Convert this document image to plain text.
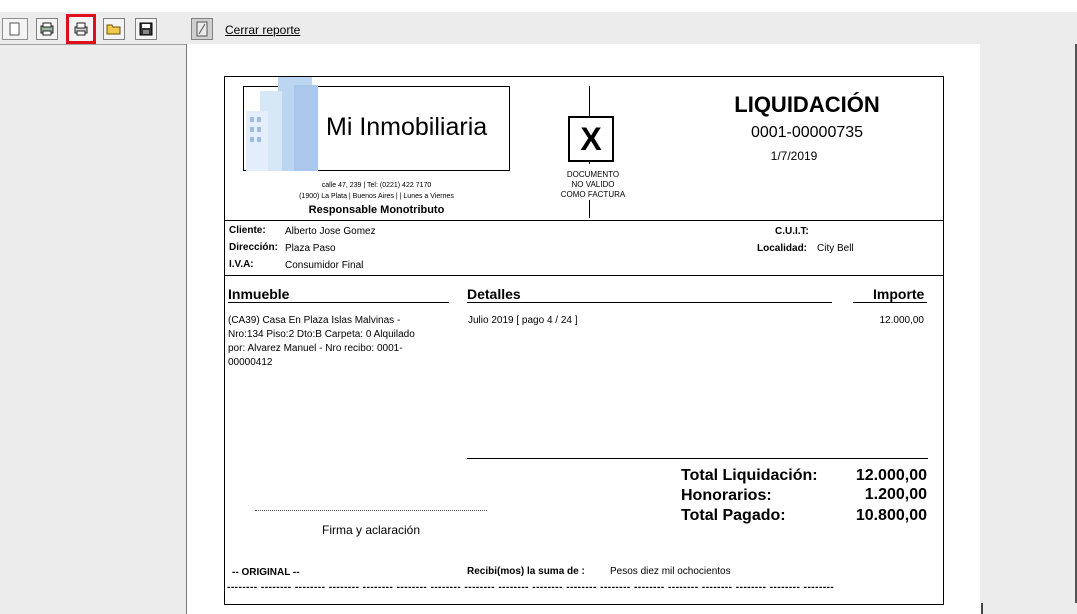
Cerrar reporte
Mi Inmobiliaria
calle 47, 239 | Tel: (0221) 422 7170
(1900) La Plata | Buenos Aires | | Lunes a Viernes
Responsable Monotributo
X
DOCUMENTO
NO VALIDO
COMO FACTURA
LIQUIDACIÓN
0001-00000735
1/7/2019
Cliente: Alberto Jose Gomez
Dirección: Plaza Paso
I.V.A:	Consumidor Final
C.U.I.T:
Localidad: City Bell
Inmueble	Detalles	Importe
(CA39) Casa En Plaza Islas Malvinas -
Nro:134 Piso:2 Dto:B Carpeta: 0 Alquilado
por: Alvarez Manuel - Nro recibo: 0001-
00000412
Julio 2019 [ pago 4 / 24 ]	12.000,00
Total Liquidación:	12.000,00
Honorarios:	1.200,00
Total Pagado:	10.800,00
Firma y aclaración
-- ORIGINAL --	Recibi(mos) la suma de :	Pesos diez mil ochocientos
-------- -------- -------- -------- -------- -------- -------- -------- -------- -------- -------- -------- -------- -------- -------- -------- -------- --------
